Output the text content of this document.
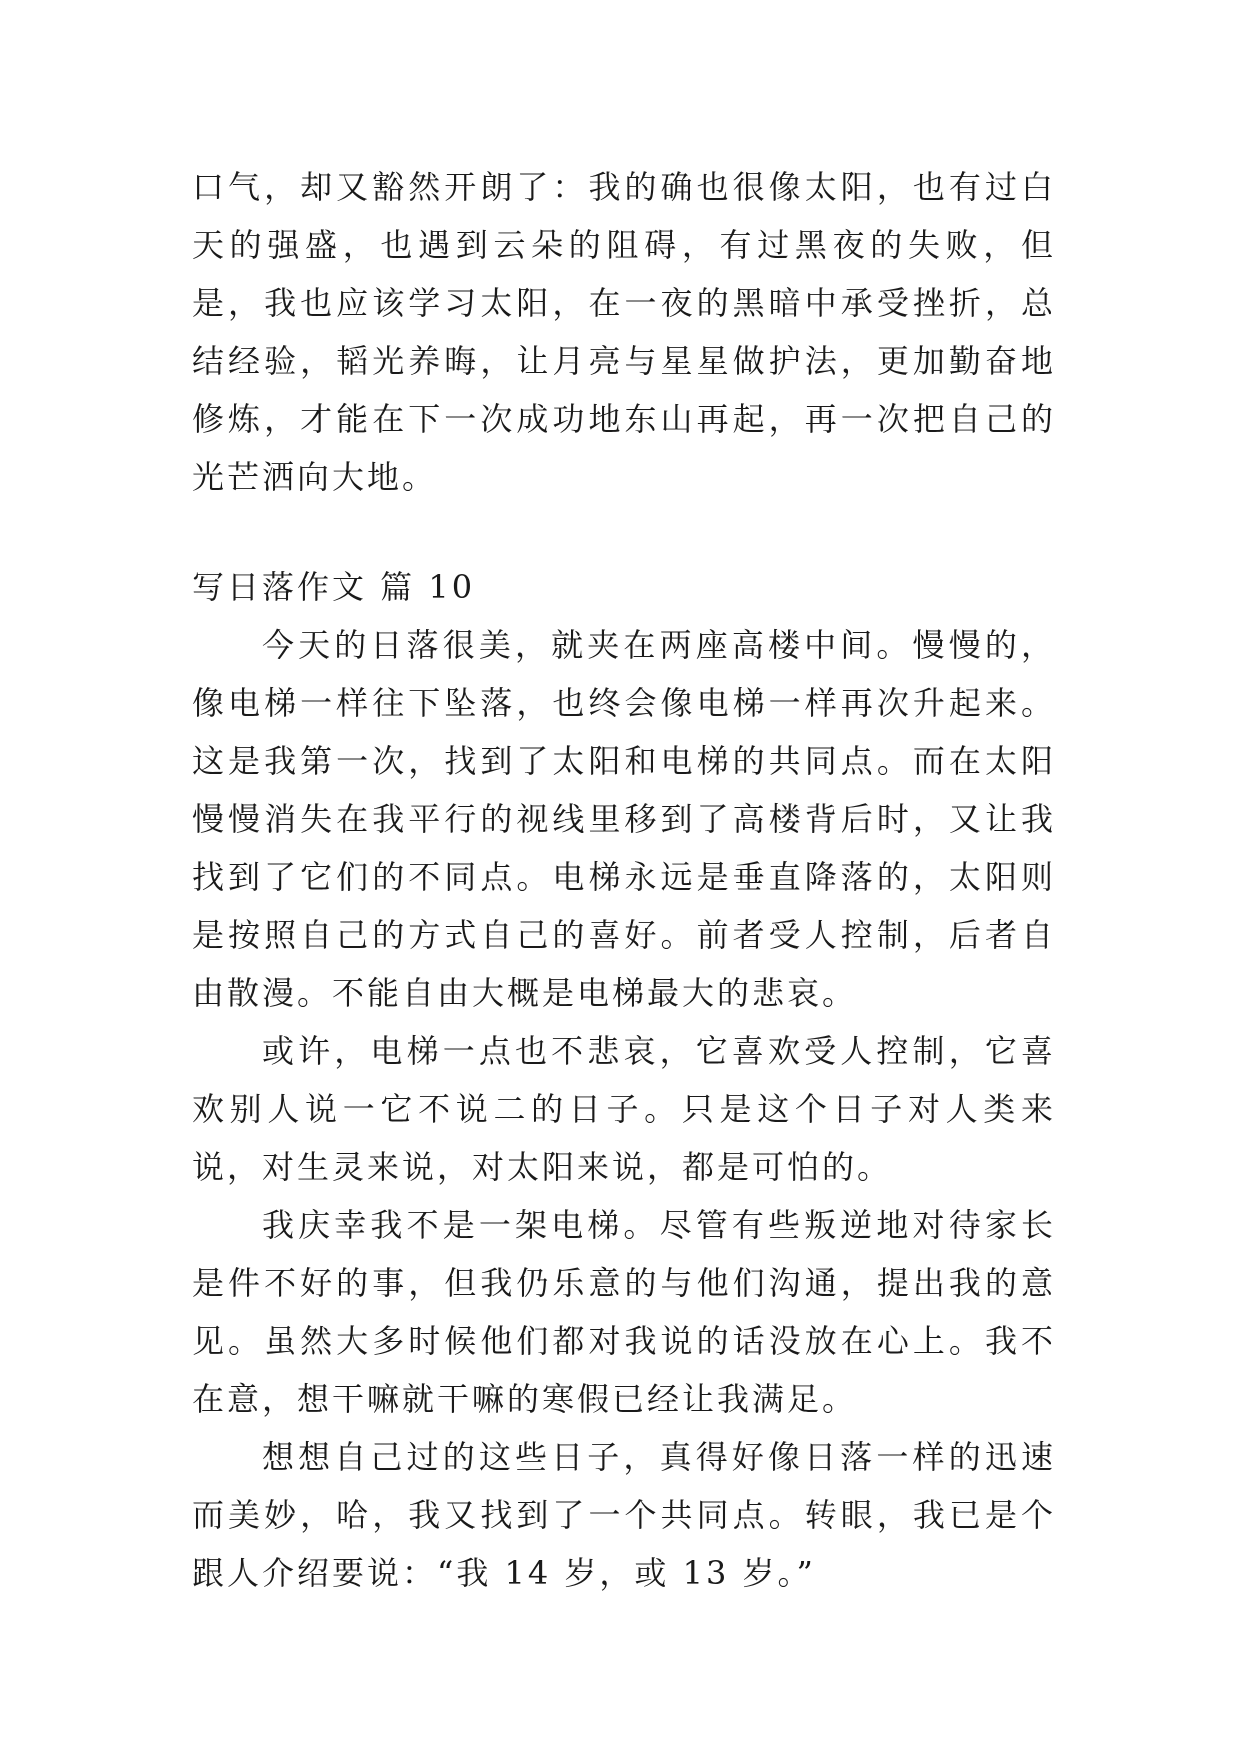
口气，却又豁然开朗了：我的确也很像太阳，也有过白天的强盛，也遇到云朵的阻碍，有过黑夜的失败，但是，我也应该学习太阳，在一夜的黑暗中承受挫折，总结经验，韬光养晦，让月亮与星星做护法，更加勤奋地修炼，才能在下一次成功地东山再起，再一次把自己的光芒洒向大地。

写日落作文 篇 10

今天的日落很美，就夹在两座高楼中间。慢慢的，像电梯一样往下坠落，也终会像电梯一样再次升起来。这是我第一次，找到了太阳和电梯的共同点。而在太阳慢慢消失在我平行的视线里移到了高楼背后时，又让我找到了它们的不同点。电梯永远是垂直降落的，太阳则是按照自己的方式自己的喜好。前者受人控制，后者自由散漫。不能自由大概是电梯最大的悲哀。

或许，电梯一点也不悲哀，它喜欢受人控制，它喜欢别人说一它不说二的日子。只是这个日子对人类来说，对生灵来说，对太阳来说，都是可怕的。

我庆幸我不是一架电梯。尽管有些叛逆地对待家长是件不好的事，但我仍乐意的与他们沟通，提出我的意见。虽然大多时候他们都对我说的话没放在心上。我不在意，想干嘛就干嘛的寒假已经让我满足。

想想自己过的这些日子，真得好像日落一样的迅速而美妙，哈，我又找到了一个共同点。转眼，我已是个跟人介绍要说：“我 14 岁，或 13 岁。”
